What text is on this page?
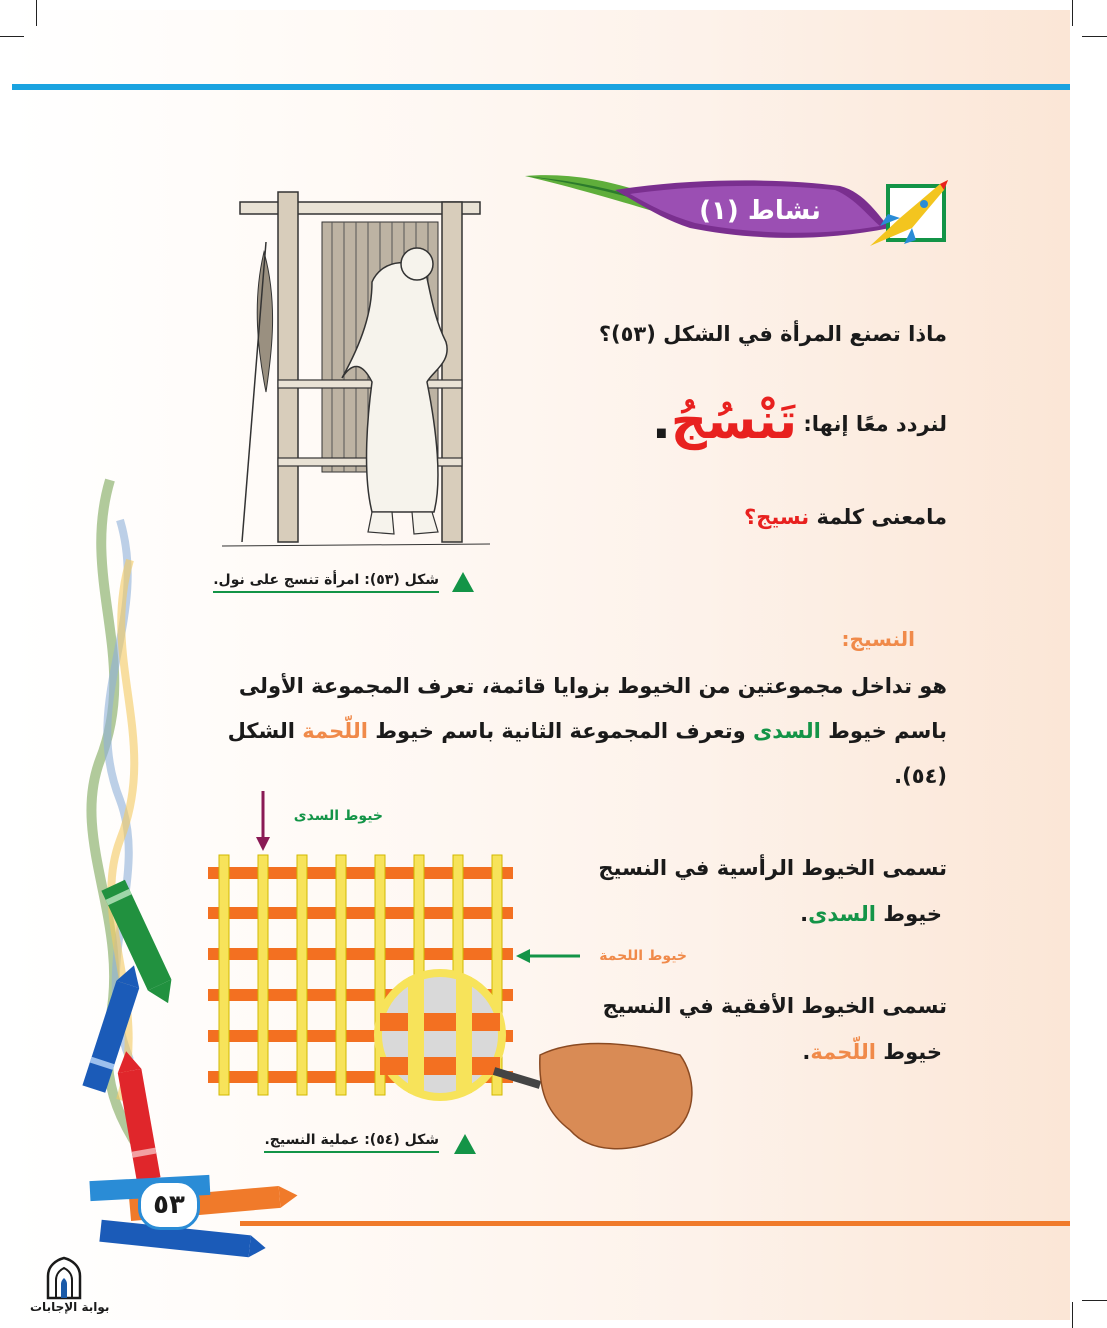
نشاط (١)
ماذا تصنع المرأة في الشكل (٥٣)؟
لنردد معًا إنها:
تَنْسُجُ.
مامعنى كلمة نسيج؟
شكل (٥٣): امرأة تنسج على نول.
النسيج:
هو تداخل مجموعتين من الخيوط بزوايا قائمة، تعرف المجموعة الأولى
باسم خيوط السدى وتعرف المجموعة الثانية باسم خيوط اللّحمة الشكل
(٥٤).
تسمى الخيوط الرأسية في النسيج
خيوط السدى.
تسمى الخيوط الأفقية في النسيج
خيوط اللّحمة.
خيوط السدى
خيوط اللحمة
شكل (٥٤): عملية النسيج.
٥٣
بوابة الإجابات
